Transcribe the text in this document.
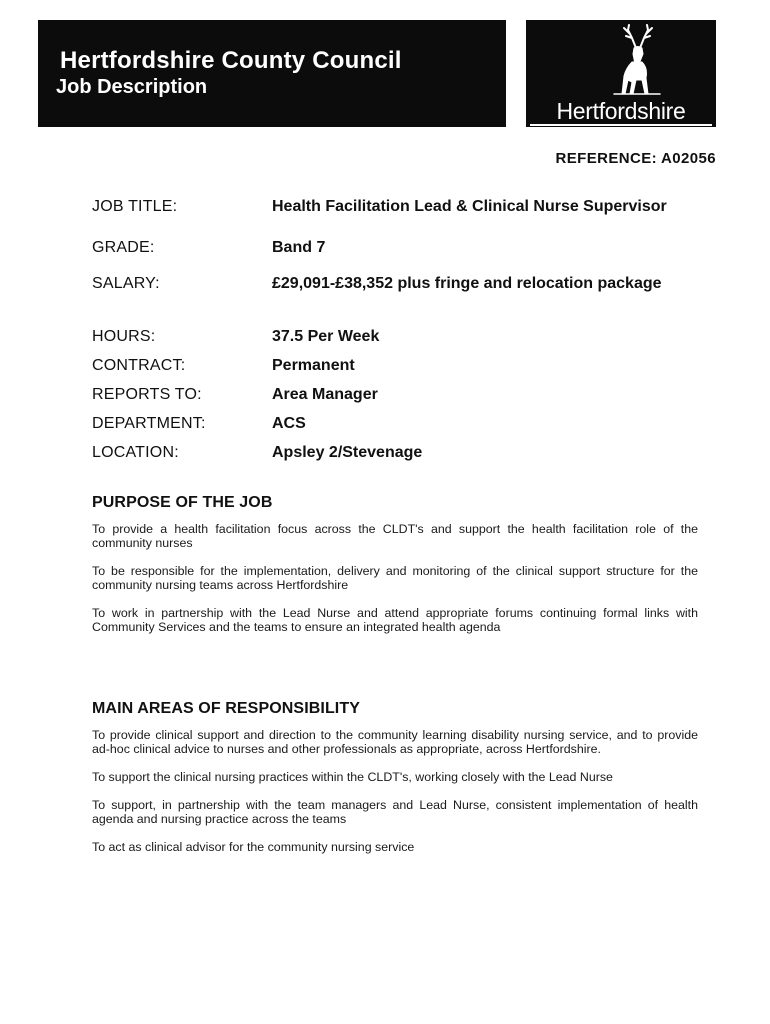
Hertfordshire County Council
Job Description
Hertfordshire
REFERENCE: A02056
JOB TITLE:	Health Facilitation Lead & Clinical Nurse Supervisor
GRADE:	Band 7
SALARY:	£29,091-£38,352 plus fringe and relocation package
HOURS:	37.5 Per Week
CONTRACT:	Permanent
REPORTS TO:	Area Manager
DEPARTMENT:	ACS
LOCATION:	Apsley 2/Stevenage
PURPOSE OF THE JOB
To provide a health facilitation focus across the CLDT's and support the health facilitation role of the community nurses
To be responsible for the implementation, delivery and monitoring of the clinical support structure for the community nursing teams across Hertfordshire
To work in partnership with the Lead Nurse and attend appropriate forums continuing formal links with Community Services and the teams to ensure an integrated health agenda
MAIN AREAS OF RESPONSIBILITY
To provide clinical support and direction to the community learning disability nursing service, and to provide ad-hoc clinical advice to nurses and other professionals as appropriate, across Hertfordshire.
To support the clinical nursing practices within the CLDT's, working closely with the Lead Nurse
To support, in partnership with the team managers and Lead Nurse, consistent implementation of health agenda and nursing practice across the teams
To act as clinical advisor for the community nursing service
